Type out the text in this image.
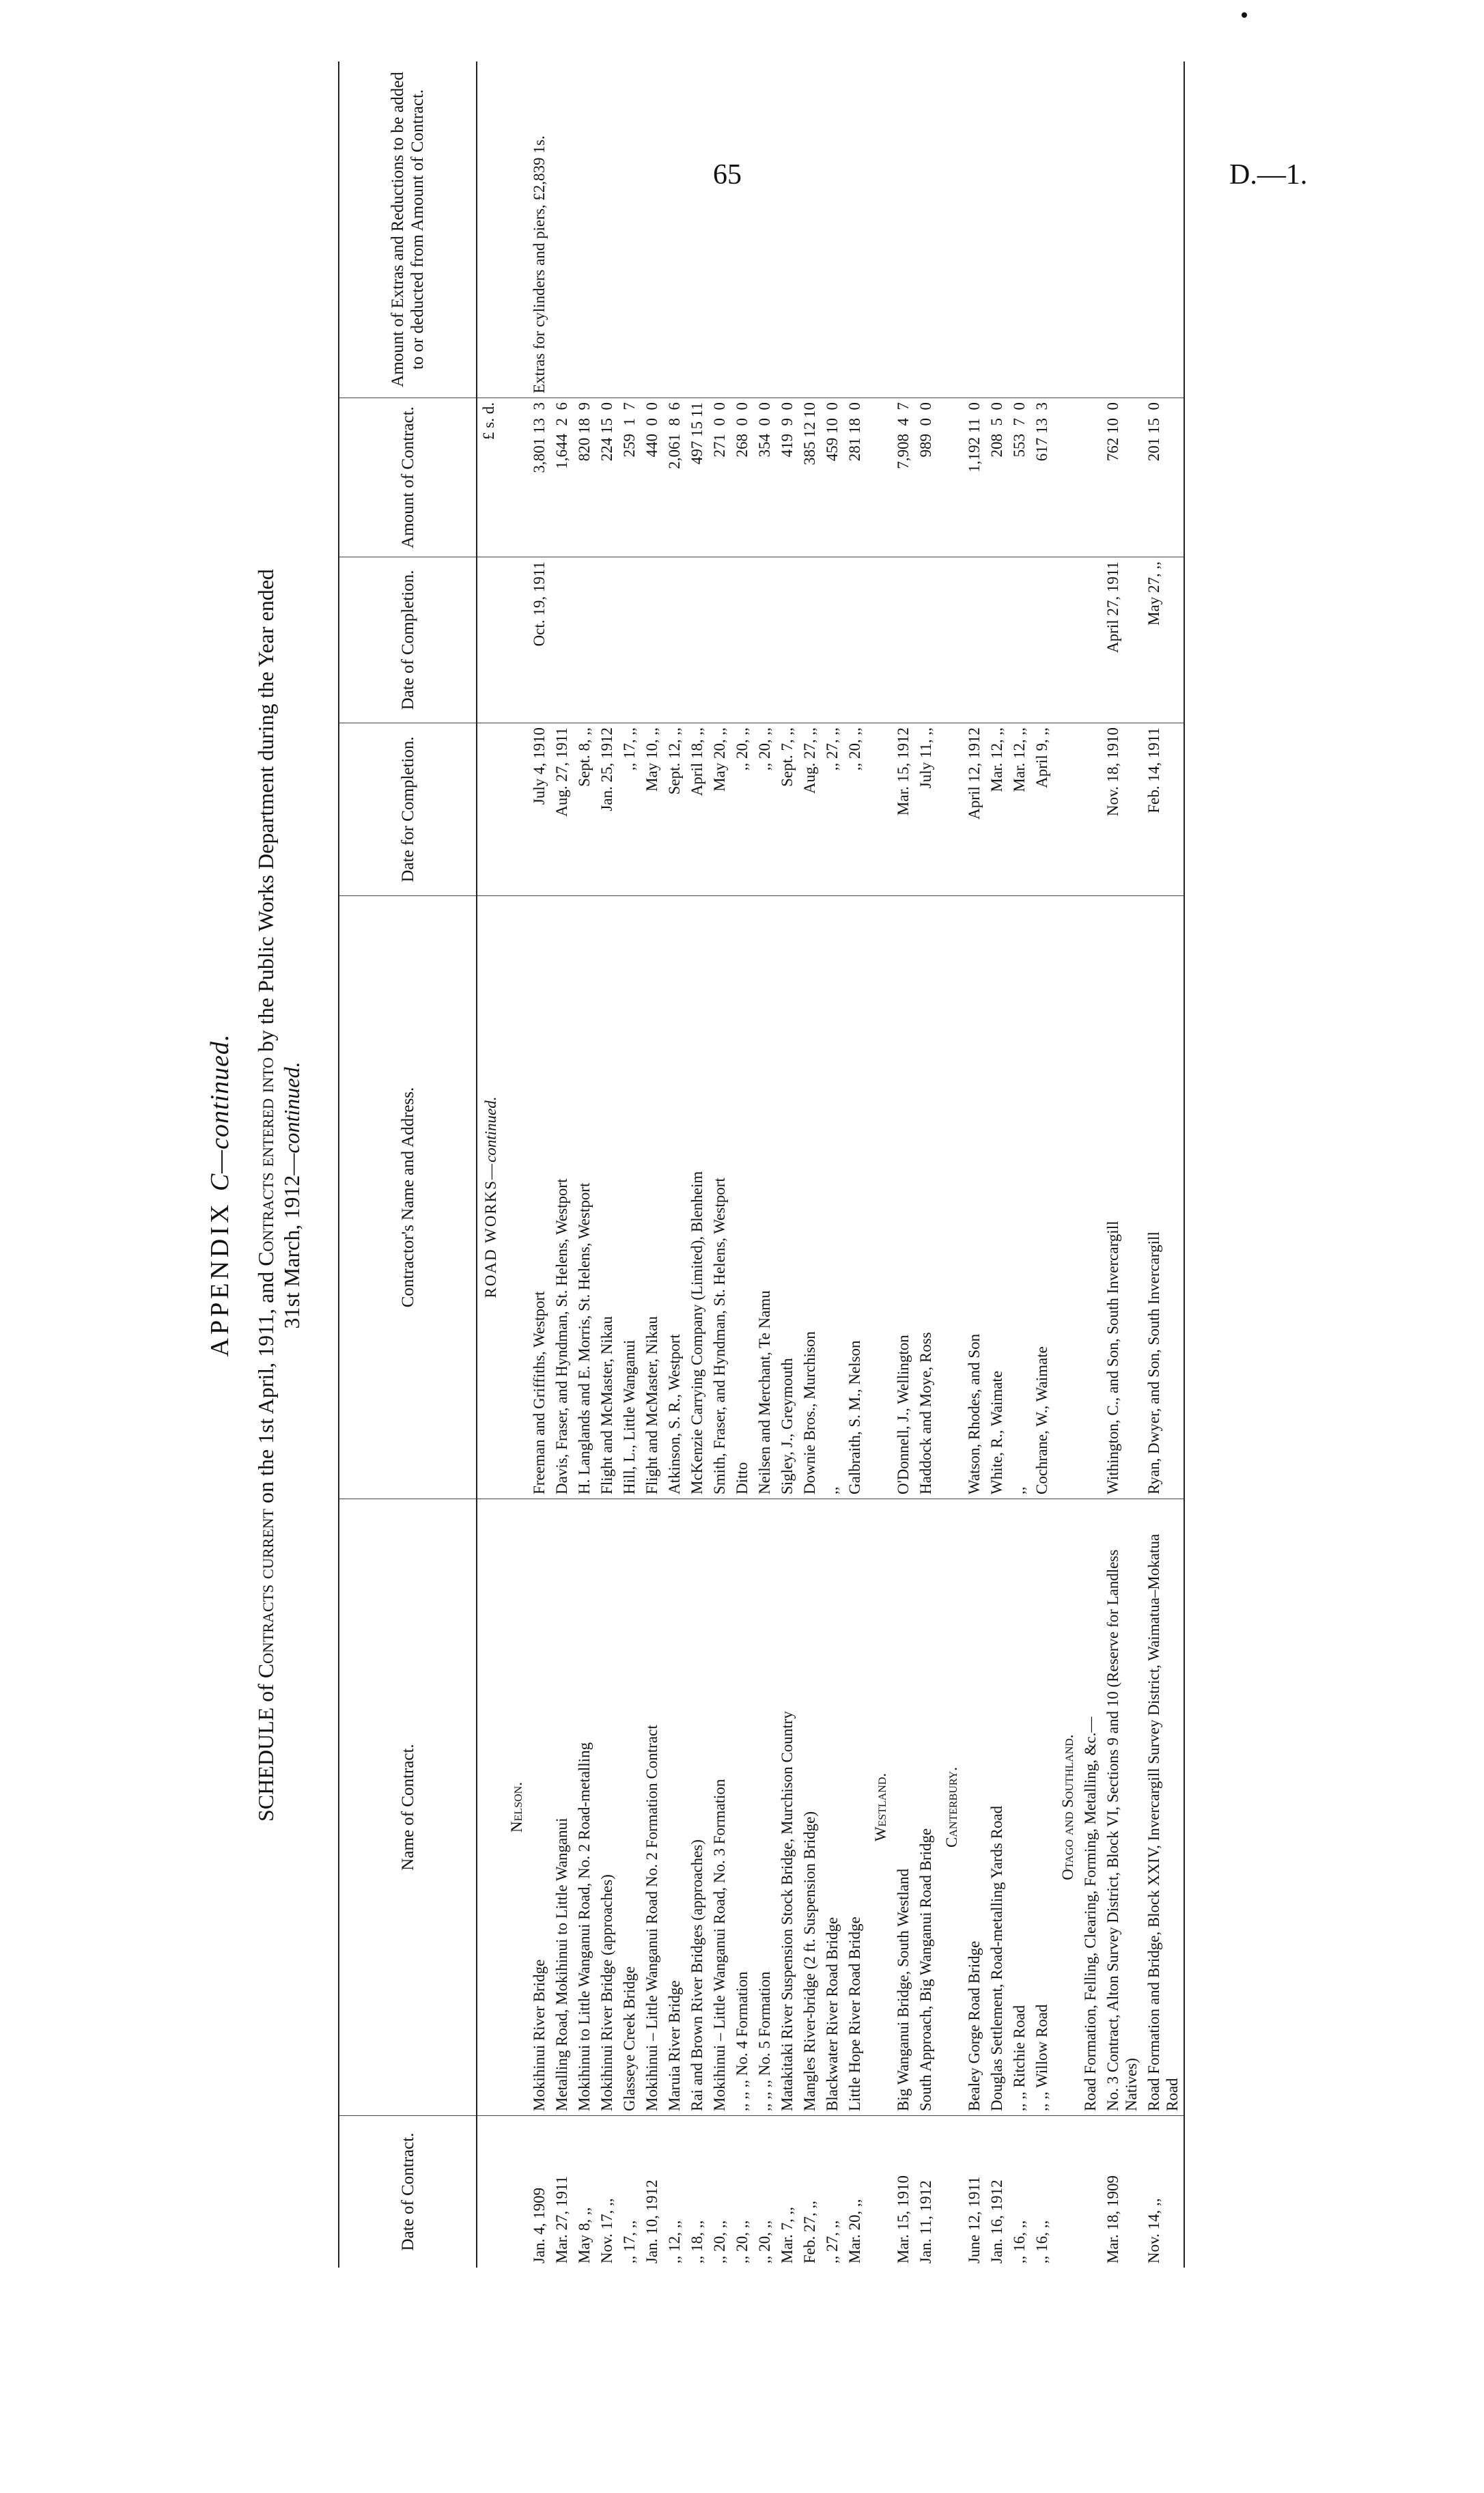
65	D.—1.
APPENDIX C—continued.
SCHEDULE of Contracts current on the 1st April, 1911, and Contracts entered into by the Public Works Department during the Year ended
31st March, 1912—continued.
Date of Contract.	Name of Contract.	Contractor's Name and Address.	Date for Completion.	Date of Completion.	Amount of Contract.	Amount of Extras and Reductions to be added to or deducted from Amount of Contract.
		ROAD WORKS—continued.			£ s. d.	
	Nelson.					
Jan. 4, 1909	Mokihinui River Bridge	Freeman and Griffiths, Westport	July 4, 1910	Oct. 19, 1911	3,801 13  3	Extras for cylinders and piers, £2,839 1s.
Mar. 27, 1911	Metalling Road, Mokihinui to Little Wanganui	Davis, Fraser, and Hyndman, St. Helens, Westport	Aug. 27, 1911		1,644  2  6	
May 8, ,,	Mokihinui to Little Wanganui Road, No. 2 Road-metalling	H. Langlands and E. Morris, St. Helens, Westport	Sept. 8, ,,		820 18  9	
Nov. 17, ,,	Mokihinui River Bridge (approaches)	Flight and McMaster, Nikau	Jan. 25, 1912		224 15  0	
,, 17, ,,	Glasseye Creek Bridge	Hill, L., Little Wanganui	,, 17, ,,		259  1  7	
Jan. 10, 1912	Mokihinui – Little Wanganui Road No. 2 Formation Contract	Flight and McMaster, Nikau	May 10, ,,		440  0  0	
,, 12, ,,	Maruia River Bridge	Atkinson, S. R., Westport	Sept. 12, ,,		2,061  8  6	
,, 18, ,,	Rai and Brown River Bridges (approaches)	McKenzie Carrying Company (Limited), Blenheim	April 18, ,,		497 15 11	
,, 20, ,,	Mokihinui – Little Wanganui Road, No. 3 Formation	Smith, Fraser, and Hyndman, St. Helens, Westport	May 20, ,,		271  0  0	
,, 20, ,,	,, ,, ,, No. 4 Formation	Ditto	,, 20, ,,		268  0  0	
,, 20, ,,	,, ,, ,, No. 5 Formation	Neilsen and Merchant, Te Namu	,, 20, ,,		354  0  0	
Mar. 7, ,,	Matakitaki River Suspension Stock Bridge, Murchison Country	Sigley, J., Greymouth	Sept. 7, ,,		419  9  0	
Feb. 27, ,,	Mangles River-bridge (2 ft. Suspension Bridge)	Downie Bros., Murchison	Aug. 27, ,,		385 12 10	
,, 27, ,,	Blackwater River Road Bridge	,,	,, 27, ,,		459 10  0	
Mar. 20, ,,	Little Hope River Road Bridge	Galbraith, S. M., Nelson	,, 20, ,,		281 18  0	
	Westland.					
Mar. 15, 1910	Big Wanganui Bridge, South Westland	O'Donnell, J., Wellington	Mar. 15, 1912		7,908  4  7	
Jan. 11, 1912	South Approach, Big Wanganui Road Bridge	Haddock and Moye, Ross	July 11, ,,		989  0  0	
	Canterbury.					
June 12, 1911	Bealey Gorge Road Bridge	Watson, Rhodes, and Son	April 12, 1912		1,192 11  0	
Jan. 16, 1912	Douglas Settlement, Road-metalling Yards Road	White, R., Waimate	Mar. 12, ,,		208  5  0	
,, 16, ,,	,, ,, Ritchie Road	,,	Mar. 12, ,,		553  7  0	
,, 16, ,,	,, ,, Willow Road	Cochrane, W., Waimate	April 9, ,,		617 13  3	
	Otago and Southland.					
	Road Formation, Felling, Clearing, Forming, Metalling, &c.—					
Mar. 18, 1909	No. 3 Contract, Alton Survey District, Block VI, Sections 9 and 10 (Reserve for Landless Natives)	Withington, C., and Son, South Invercargill	Nov. 18, 1910	April 27, 1911	762 10  0	
Nov. 14, ,,	Road Formation and Bridge, Block XXIV, Invercargill Survey District, Waimatua–Mokatua Road	Ryan, Dwyer, and Son, South Invercargill	Feb. 14, 1911	May 27, ,,	201 15  0	
